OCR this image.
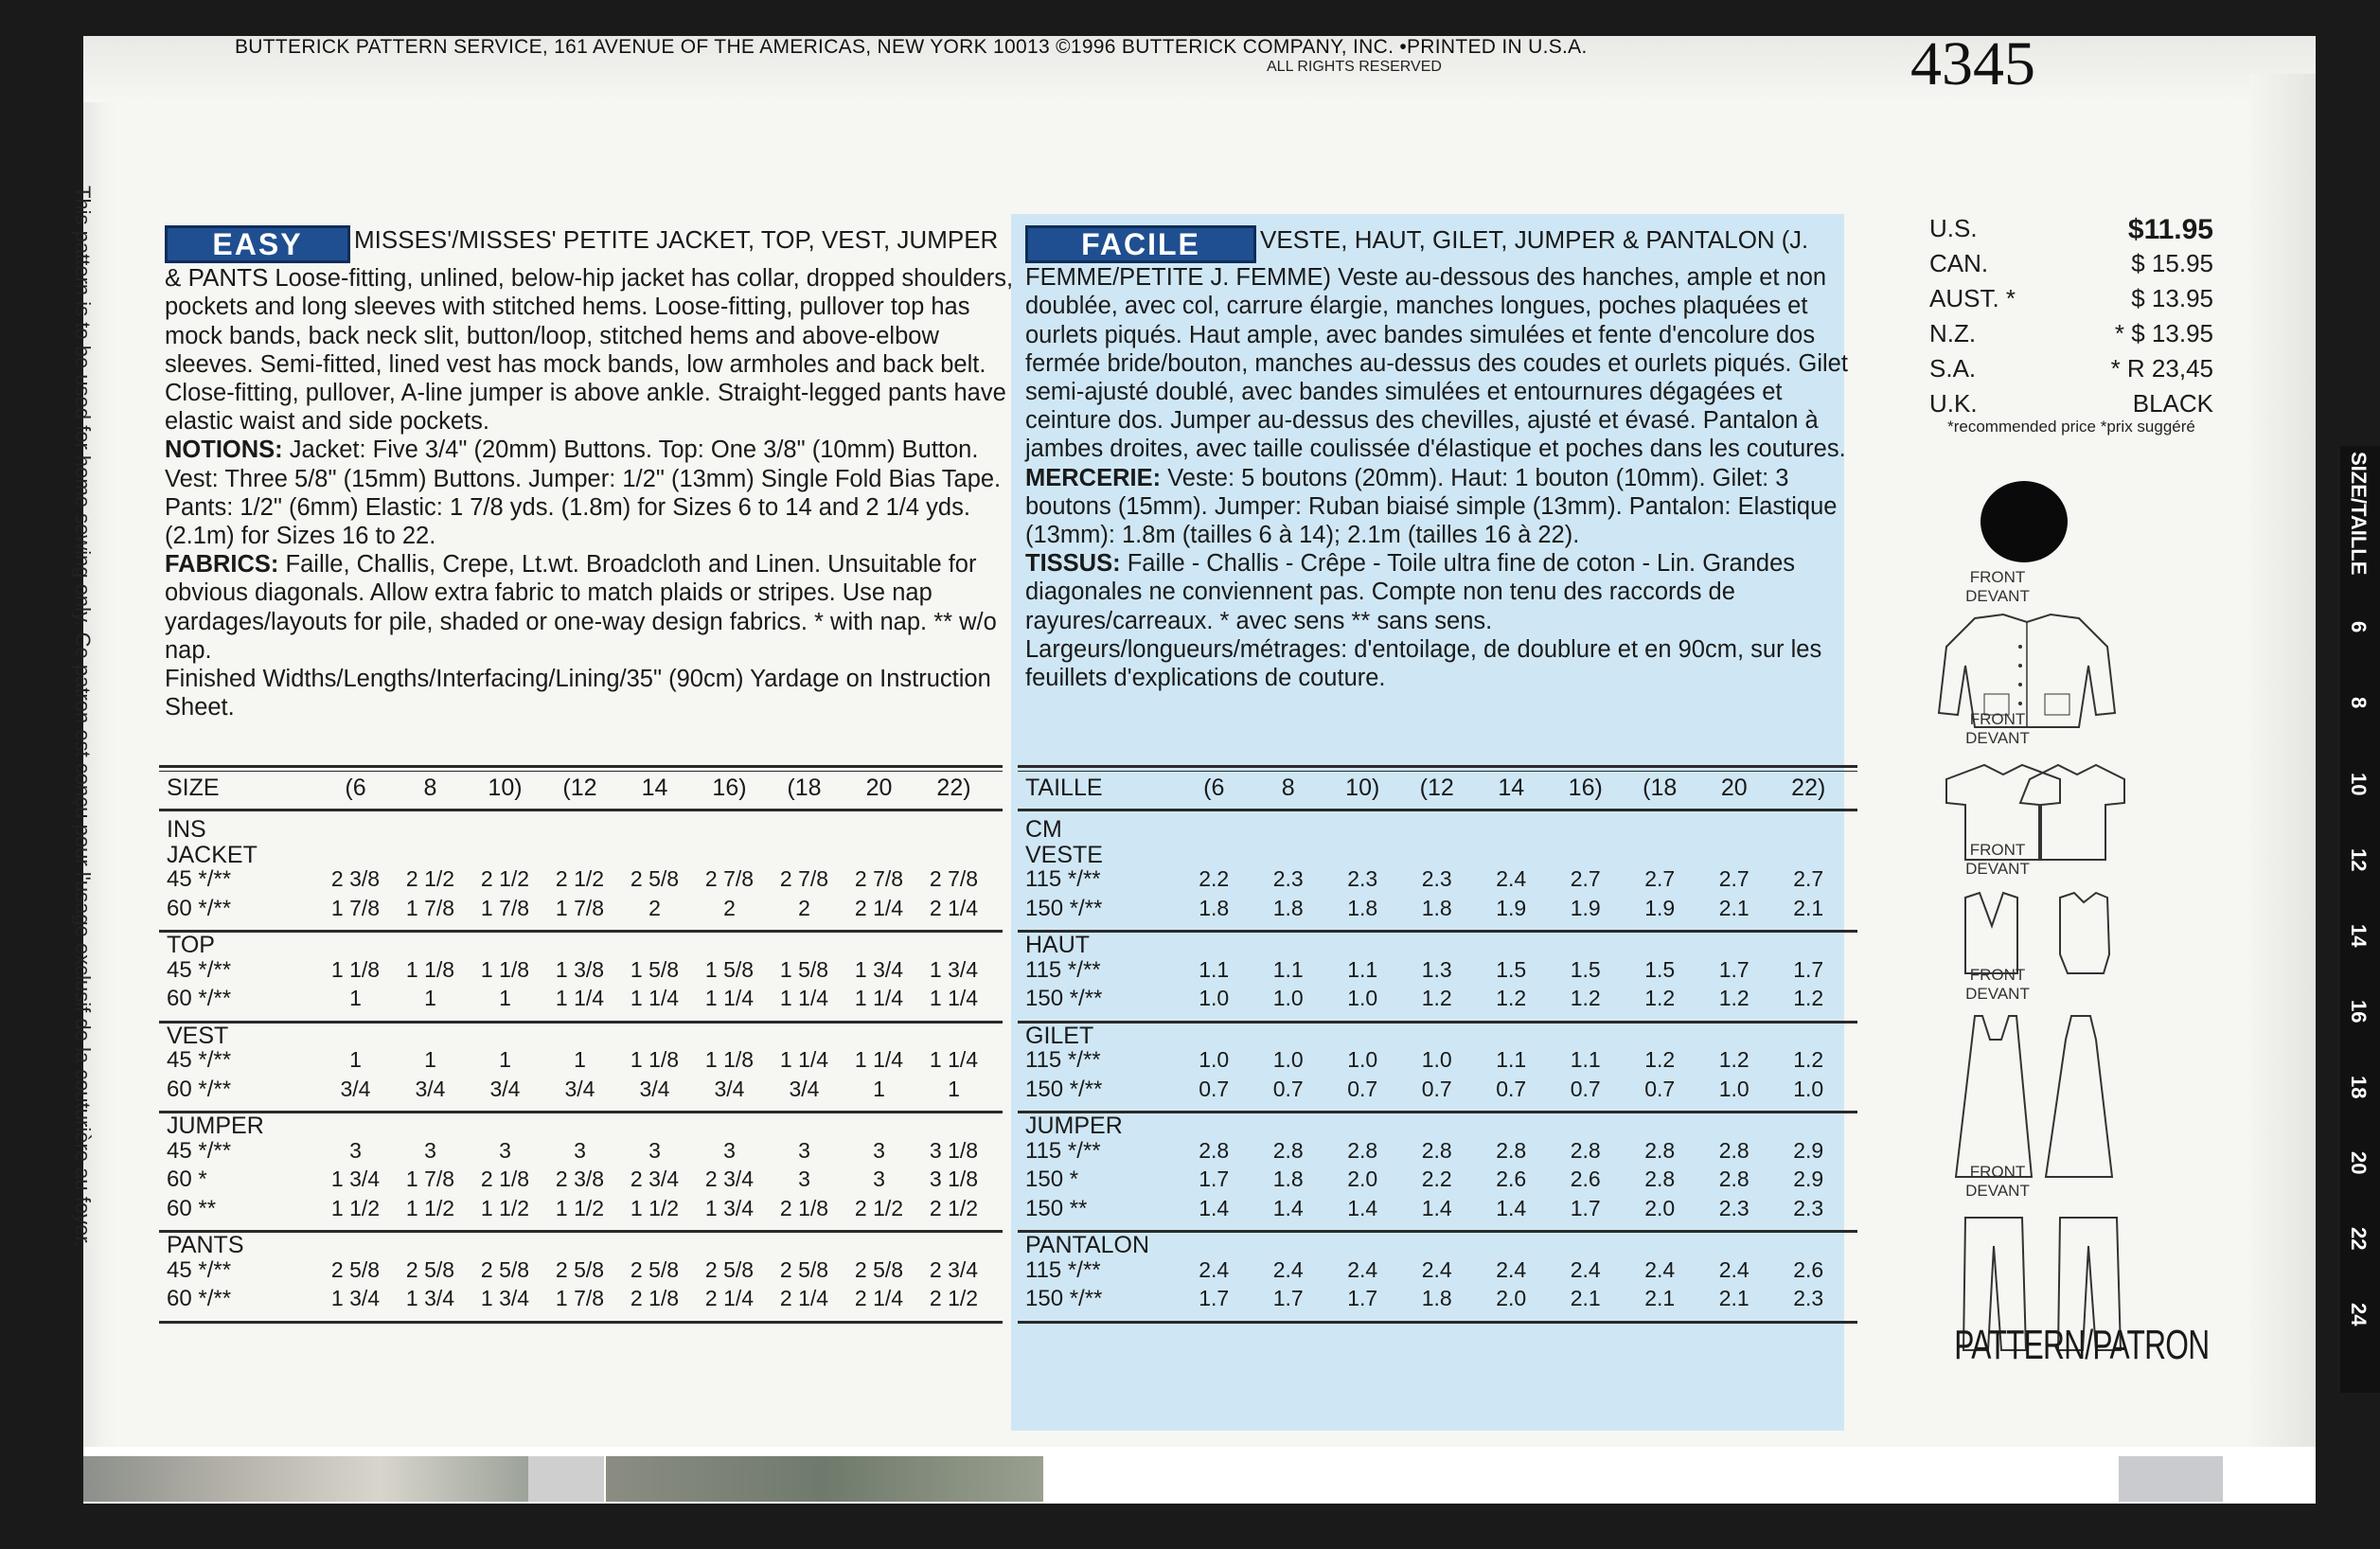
BUTTERICK PATTERN SERVICE, 161 AVENUE OF THE AMERICAS, NEW YORK 10013 ©1996 BUTTERICK COMPANY, INC. •PRINTED IN U.S.A.
ALL RIGHTS RESERVED	4345
EASY MISSES'/MISSES' PETITE JACKET, TOP, VEST, JUMPER & PANTS Loose-fitting, unlined, below-hip jacket has collar, dropped shoulders, pockets and long sleeves with stitched hems. Loose-fitting, pullover top has mock bands, back neck slit, button/loop, stitched hems and above-elbow sleeves. Semi-fitted, lined vest has mock bands, low armholes and back belt. Close-fitting, pullover, A-line jumper is above ankle. Straight-legged pants have elastic waist and side pockets.
NOTIONS: Jacket: Five 3/4" (20mm) Buttons. Top: One 3/8" (10mm) Button. Vest: Three 5/8" (15mm) Buttons. Jumper: 1/2" (13mm) Single Fold Bias Tape. Pants: 1/2" (6mm) Elastic: 1 7/8 yds. (1.8m) for Sizes 6 to 14 and 2 1/4 yds. (2.1m) for Sizes 16 to 22.
FABRICS: Faille, Challis, Crepe, Lt.wt. Broadcloth and Linen. Unsuitable for obvious diagonals. Allow extra fabric to match plaids or stripes. Use nap yardages/layouts for pile, shaded or one-way design fabrics. * with nap. ** w/o nap.
Finished Widths/Lengths/Interfacing/Lining/35" (90cm) Yardage on Instruction Sheet.
FACILE VESTE, HAUT, GILET, JUMPER & PANTALON (J. FEMME/PETITE J. FEMME) Veste au-dessous des hanches, ample et non doublée, avec col, carrure élargie, manches longues, poches plaquées et ourlets piqués. Haut ample, avec bandes simulées et fente d'encolure dos fermée bride/bouton, manches au-dessus des coudes et ourlets piqués. Gilet semi-ajusté doublé, avec bandes simulées et entournures dégagées et ceinture dos. Jumper au-dessus des chevilles, ajusté et évasé. Pantalon à jambes droites, avec taille coulissée d'élastique et poches dans les coutures.
MERCERIE: Veste: 5 boutons (20mm). Haut: 1 bouton (10mm). Gilet: 3 boutons (15mm). Jumper: Ruban biaisé simple (13mm). Pantalon: Elastique (13mm): 1.8m (tailles 6 à 14); 2.1m (tailles 16 à 22).
TISSUS: Faille - Challis - Crêpe - Toile ultra fine de coton - Lin. Grandes diagonales ne conviennent pas. Compte non tenu des raccords de rayures/carreaux. * avec sens ** sans sens.
Largeurs/longueurs/métrages: d'entoilage, de doublure et en 90cm, sur les feuillets d'explications de couture.
SIZE	(6	8	10)	(12	14	16)	(18	20	22)
INS
JACKET
45 */**	2 3/8	2 1/2	2 1/2	2 1/2	2 5/8	2 7/8	2 7/8	2 7/8	2 7/8
60 */**	1 7/8	1 7/8	1 7/8	1 7/8	2	2	2	2 1/4	2 1/4
TOP
45 */**	1 1/8	1 1/8	1 1/8	1 3/8	1 5/8	1 5/8	1 5/8	1 3/4	1 3/4
60 */**	1	1	1	1 1/4	1 1/4	1 1/4	1 1/4	1 1/4	1 1/4
VEST
45 */**	1	1	1	1	1 1/8	1 1/8	1 1/4	1 1/4	1 1/4
60 */**	3/4	3/4	3/4	3/4	3/4	3/4	3/4	1	1
JUMPER
45 */**	3	3	3	3	3	3	3	3	3 1/8
60 *	1 3/4	1 7/8	2 1/8	2 3/8	2 3/4	2 3/4	3	3	3 1/8
60 **	1 1/2	1 1/2	1 1/2	1 1/2	1 1/2	1 3/4	2 1/8	2 1/2	2 1/2
PANTS
45 */**	2 5/8	2 5/8	2 5/8	2 5/8	2 5/8	2 5/8	2 5/8	2 5/8	2 3/4
60 */**	1 3/4	1 3/4	1 3/4	1 7/8	2 1/8	2 1/4	2 1/4	2 1/4	2 1/2
TAILLE	(6	8	10)	(12	14	16)	(18	20	22)
CM
VESTE
115 */**	2.2	2.3	2.3	2.3	2.4	2.7	2.7	2.7	2.7
150 */**	1.8	1.8	1.8	1.8	1.9	1.9	1.9	2.1	2.1
HAUT
115 */**	1.1	1.1	1.1	1.3	1.5	1.5	1.5	1.7	1.7
150 */**	1.0	1.0	1.0	1.2	1.2	1.2	1.2	1.2	1.2
GILET
115 */**	1.0	1.0	1.0	1.0	1.1	1.1	1.2	1.2	1.2
150 */**	0.7	0.7	0.7	0.7	0.7	0.7	0.7	1.0	1.0
JUMPER
115 */**	2.8	2.8	2.8	2.8	2.8	2.8	2.8	2.8	2.9
150 *	1.7	1.8	2.0	2.2	2.6	2.6	2.8	2.8	2.9
150 **	1.4	1.4	1.4	1.4	1.4	1.7	2.0	2.3	2.3
PANTALON
115 */**	2.4	2.4	2.4	2.4	2.4	2.4	2.4	2.4	2.6
150 */**	1.7	1.7	1.7	1.8	2.0	2.1	2.1	2.1	2.3
U.S.	$11.95
CAN.	$ 15.95
AUST. *	$ 13.95
N.Z.	* $ 13.95
S.A.	* R 23,45
U.K.	BLACK
*recommended price *prix suggéré
FRONT DEVANT
FRONT DEVANT
FRONT DEVANT
FRONT DEVANT
FRONT DEVANT
PATTERN/PATRON
SIZE/TAILLE
6
8
10
12
14
16
18
20
22
24
This pattern is to be used for home sewing only. Ce patron est conçu pour l'usage exclusif de la couturière au foyer.
